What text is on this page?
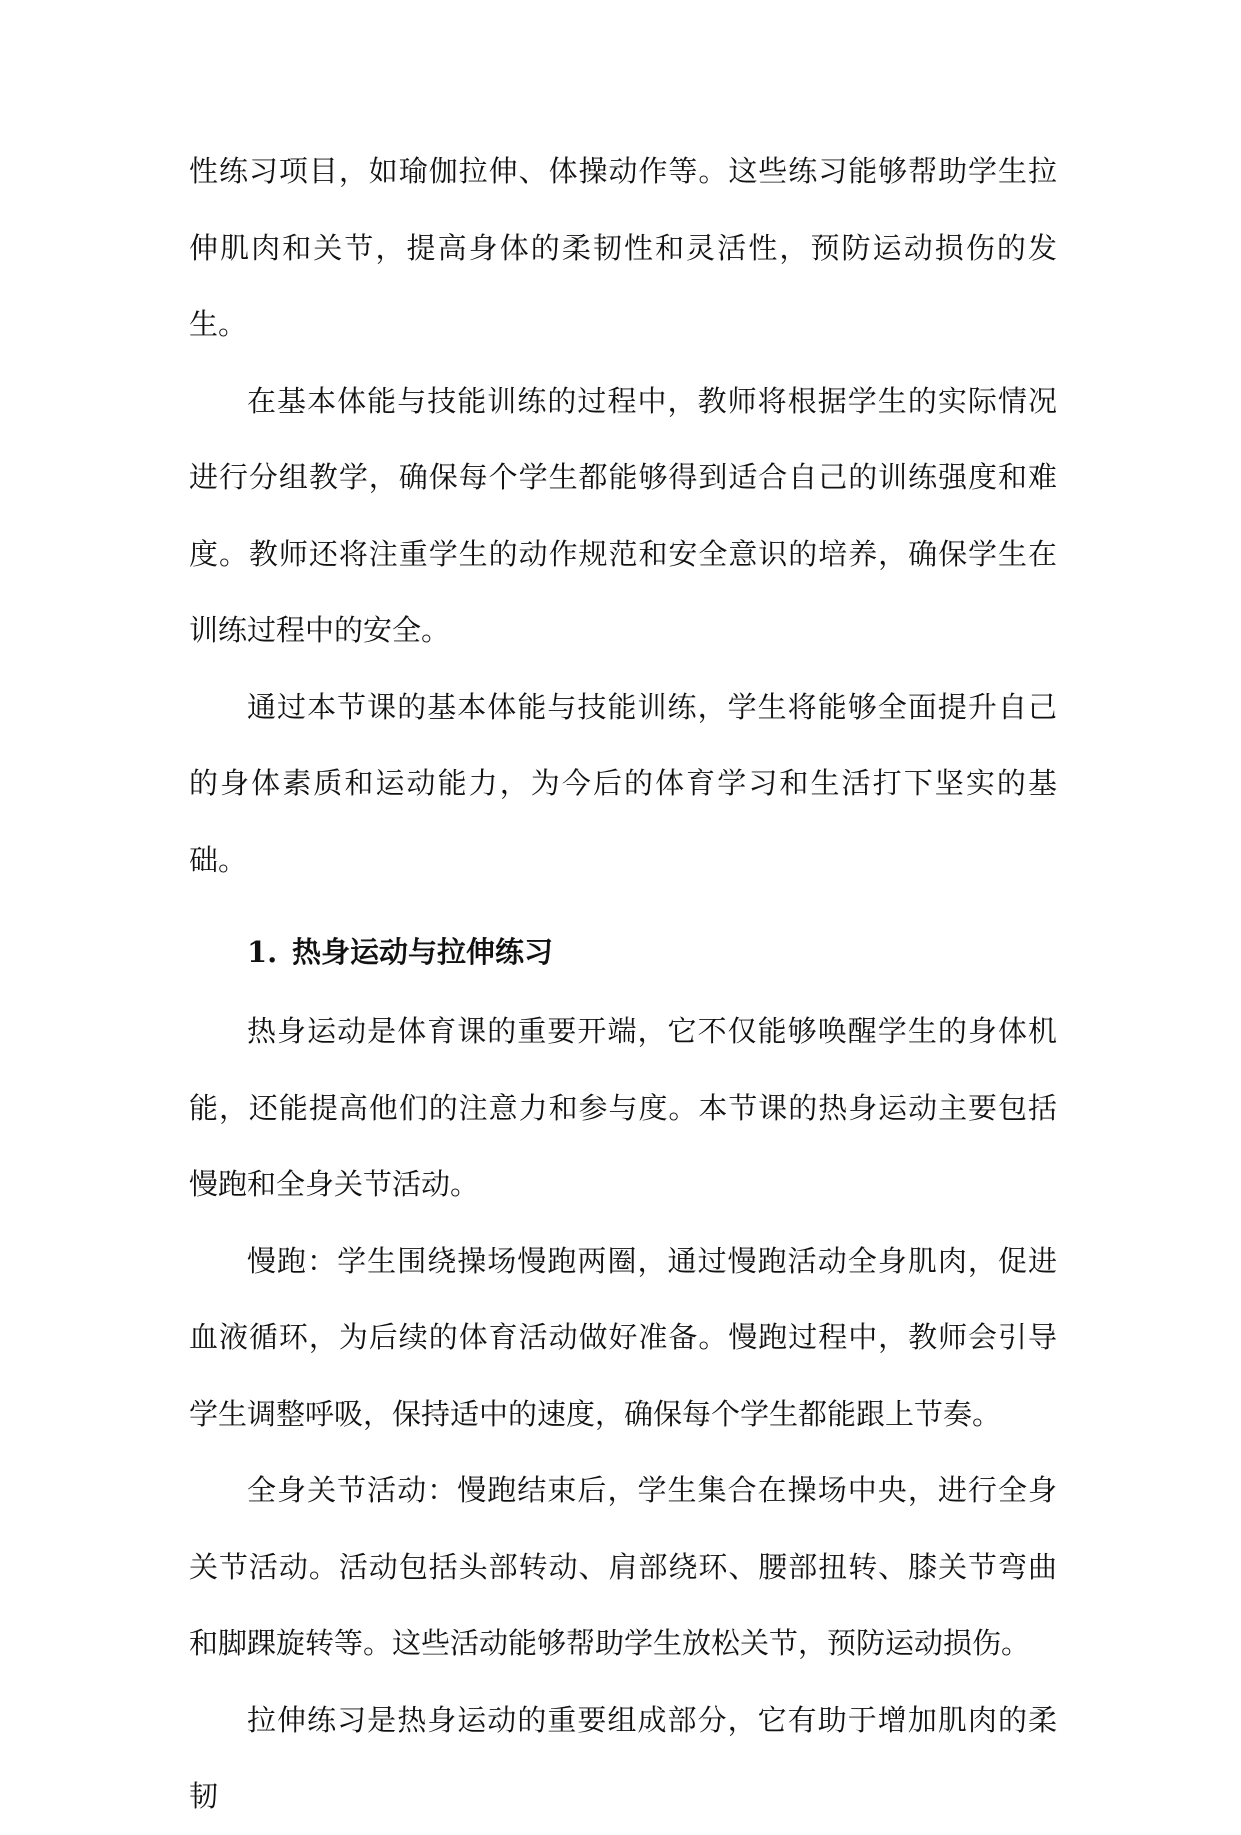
性练习项目，如瑜伽拉伸、体操动作等。这些练习能够帮助学生拉伸肌肉和关节，提高身体的柔韧性和灵活性，预防运动损伤的发生。

在基本体能与技能训练的过程中，教师将根据学生的实际情况进行分组教学，确保每个学生都能够得到适合自己的训练强度和难度。教师还将注重学生的动作规范和安全意识的培养，确保学生在训练过程中的安全。

通过本节课的基本体能与技能训练，学生将能够全面提升自己的身体素质和运动能力，为今后的体育学习和生活打下坚实的基础。

1. 热身运动与拉伸练习

热身运动是体育课的重要开端，它不仅能够唤醒学生的身体机能，还能提高他们的注意力和参与度。本节课的热身运动主要包括慢跑和全身关节活动。

慢跑：学生围绕操场慢跑两圈，通过慢跑活动全身肌肉，促进血液循环，为后续的体育活动做好准备。慢跑过程中，教师会引导学生调整呼吸，保持适中的速度，确保每个学生都能跟上节奏。

全身关节活动：慢跑结束后，学生集合在操场中央，进行全身关节活动。活动包括头部转动、肩部绕环、腰部扭转、膝关节弯曲和脚踝旋转等。这些活动能够帮助学生放松关节，预防运动损伤。

拉伸练习是热身运动的重要组成部分，它有助于增加肌肉的柔韧
